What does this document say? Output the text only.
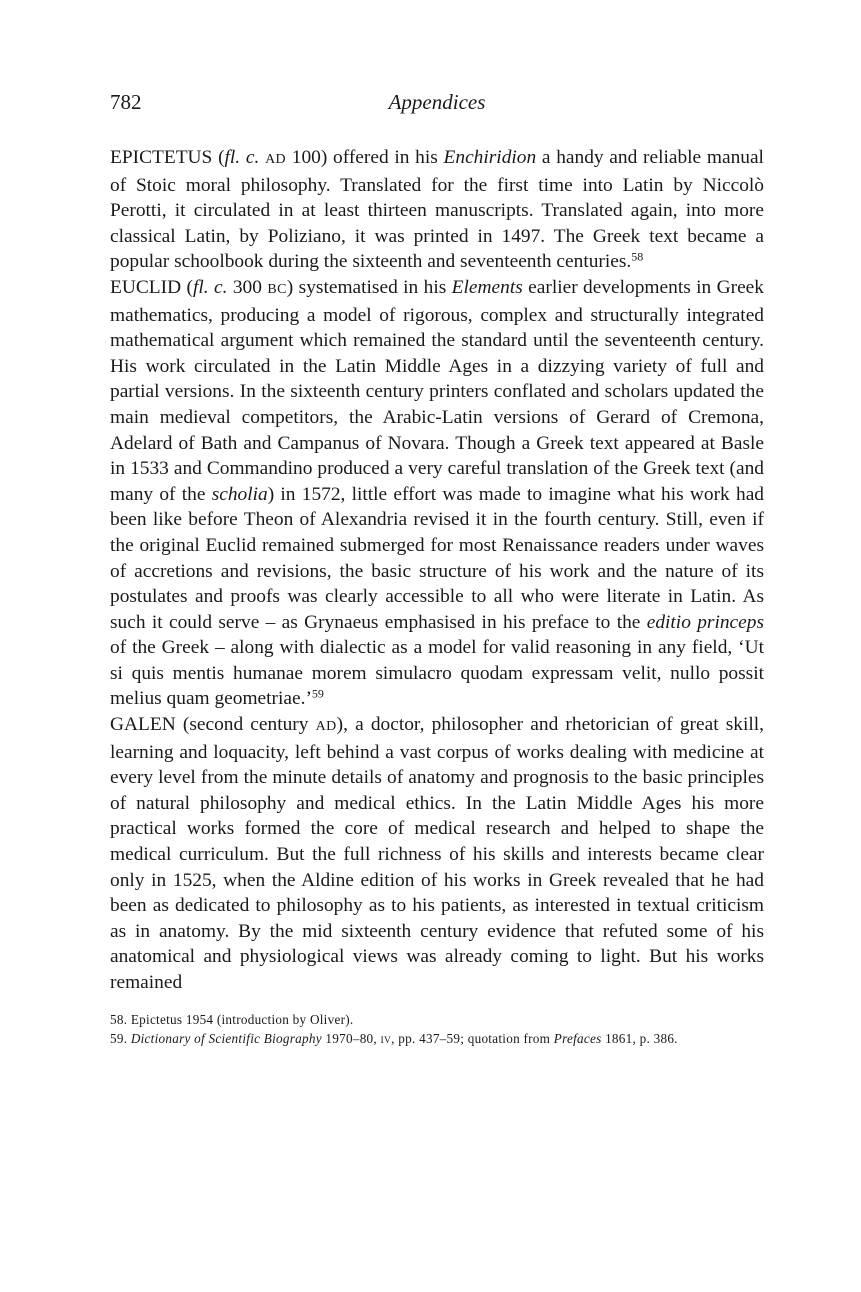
782	Appendices

EPICTETUS (fl. c. AD 100) offered in his Enchiridion a handy and reliable manual of Stoic moral philosophy. Translated for the first time into Latin by Niccolò Perotti, it circulated in at least thirteen manuscripts. Translated again, into more classical Latin, by Poliziano, it was printed in 1497. The Greek text became a popular schoolbook during the sixteenth and seventeenth centuries.$^{58}$

EUCLID (fl. c. 300 BC) systematised in his Elements earlier developments in Greek mathematics, producing a model of rigorous, complex and structurally integrated mathematical argument which remained the standard until the seventeenth century. His work circulated in the Latin Middle Ages in a dizzying variety of full and partial versions. In the sixteenth century printers conflated and scholars updated the main medieval competitors, the Arabic-Latin versions of Gerard of Cremona, Adelard of Bath and Campanus of Novara. Though a Greek text appeared at Basle in 1533 and Commandino produced a very careful translation of the Greek text (and many of the scholia) in 1572, little effort was made to imagine what his work had been like before Theon of Alexandria revised it in the fourth century. Still, even if the original Euclid remained submerged for most Renaissance readers under waves of accretions and revisions, the basic structure of his work and the nature of its postulates and proofs was clearly accessible to all who were literate in Latin. As such it could serve – as Grynaeus emphasised in his preface to the editio princeps of the Greek – along with dialectic as a model for valid reasoning in any field, ‘Ut si quis mentis humanae morem simulacro quodam expressam velit, nullo possit melius quam geometriae.’$^{59}$

GALEN (second century AD), a doctor, philosopher and rhetorician of great skill, learning and loquacity, left behind a vast corpus of works dealing with medicine at every level from the minute details of anatomy and prognosis to the basic principles of natural philosophy and medical ethics. In the Latin Middle Ages his more practical works formed the core of medical research and helped to shape the medical curriculum. But the full richness of his skills and interests became clear only in 1525, when the Aldine edition of his works in Greek revealed that he had been as dedicated to philosophy as to his patients, as interested in textual criticism as in anatomy. By the mid sixteenth century evidence that refuted some of his anatomical and physiological views was already coming to light. But his works remained

58. Epictetus 1954 (introduction by Oliver).

59. Dictionary of Scientific Biography 1970–80, IV, pp. 437–59; quotation from Prefaces 1861, p. 386.
